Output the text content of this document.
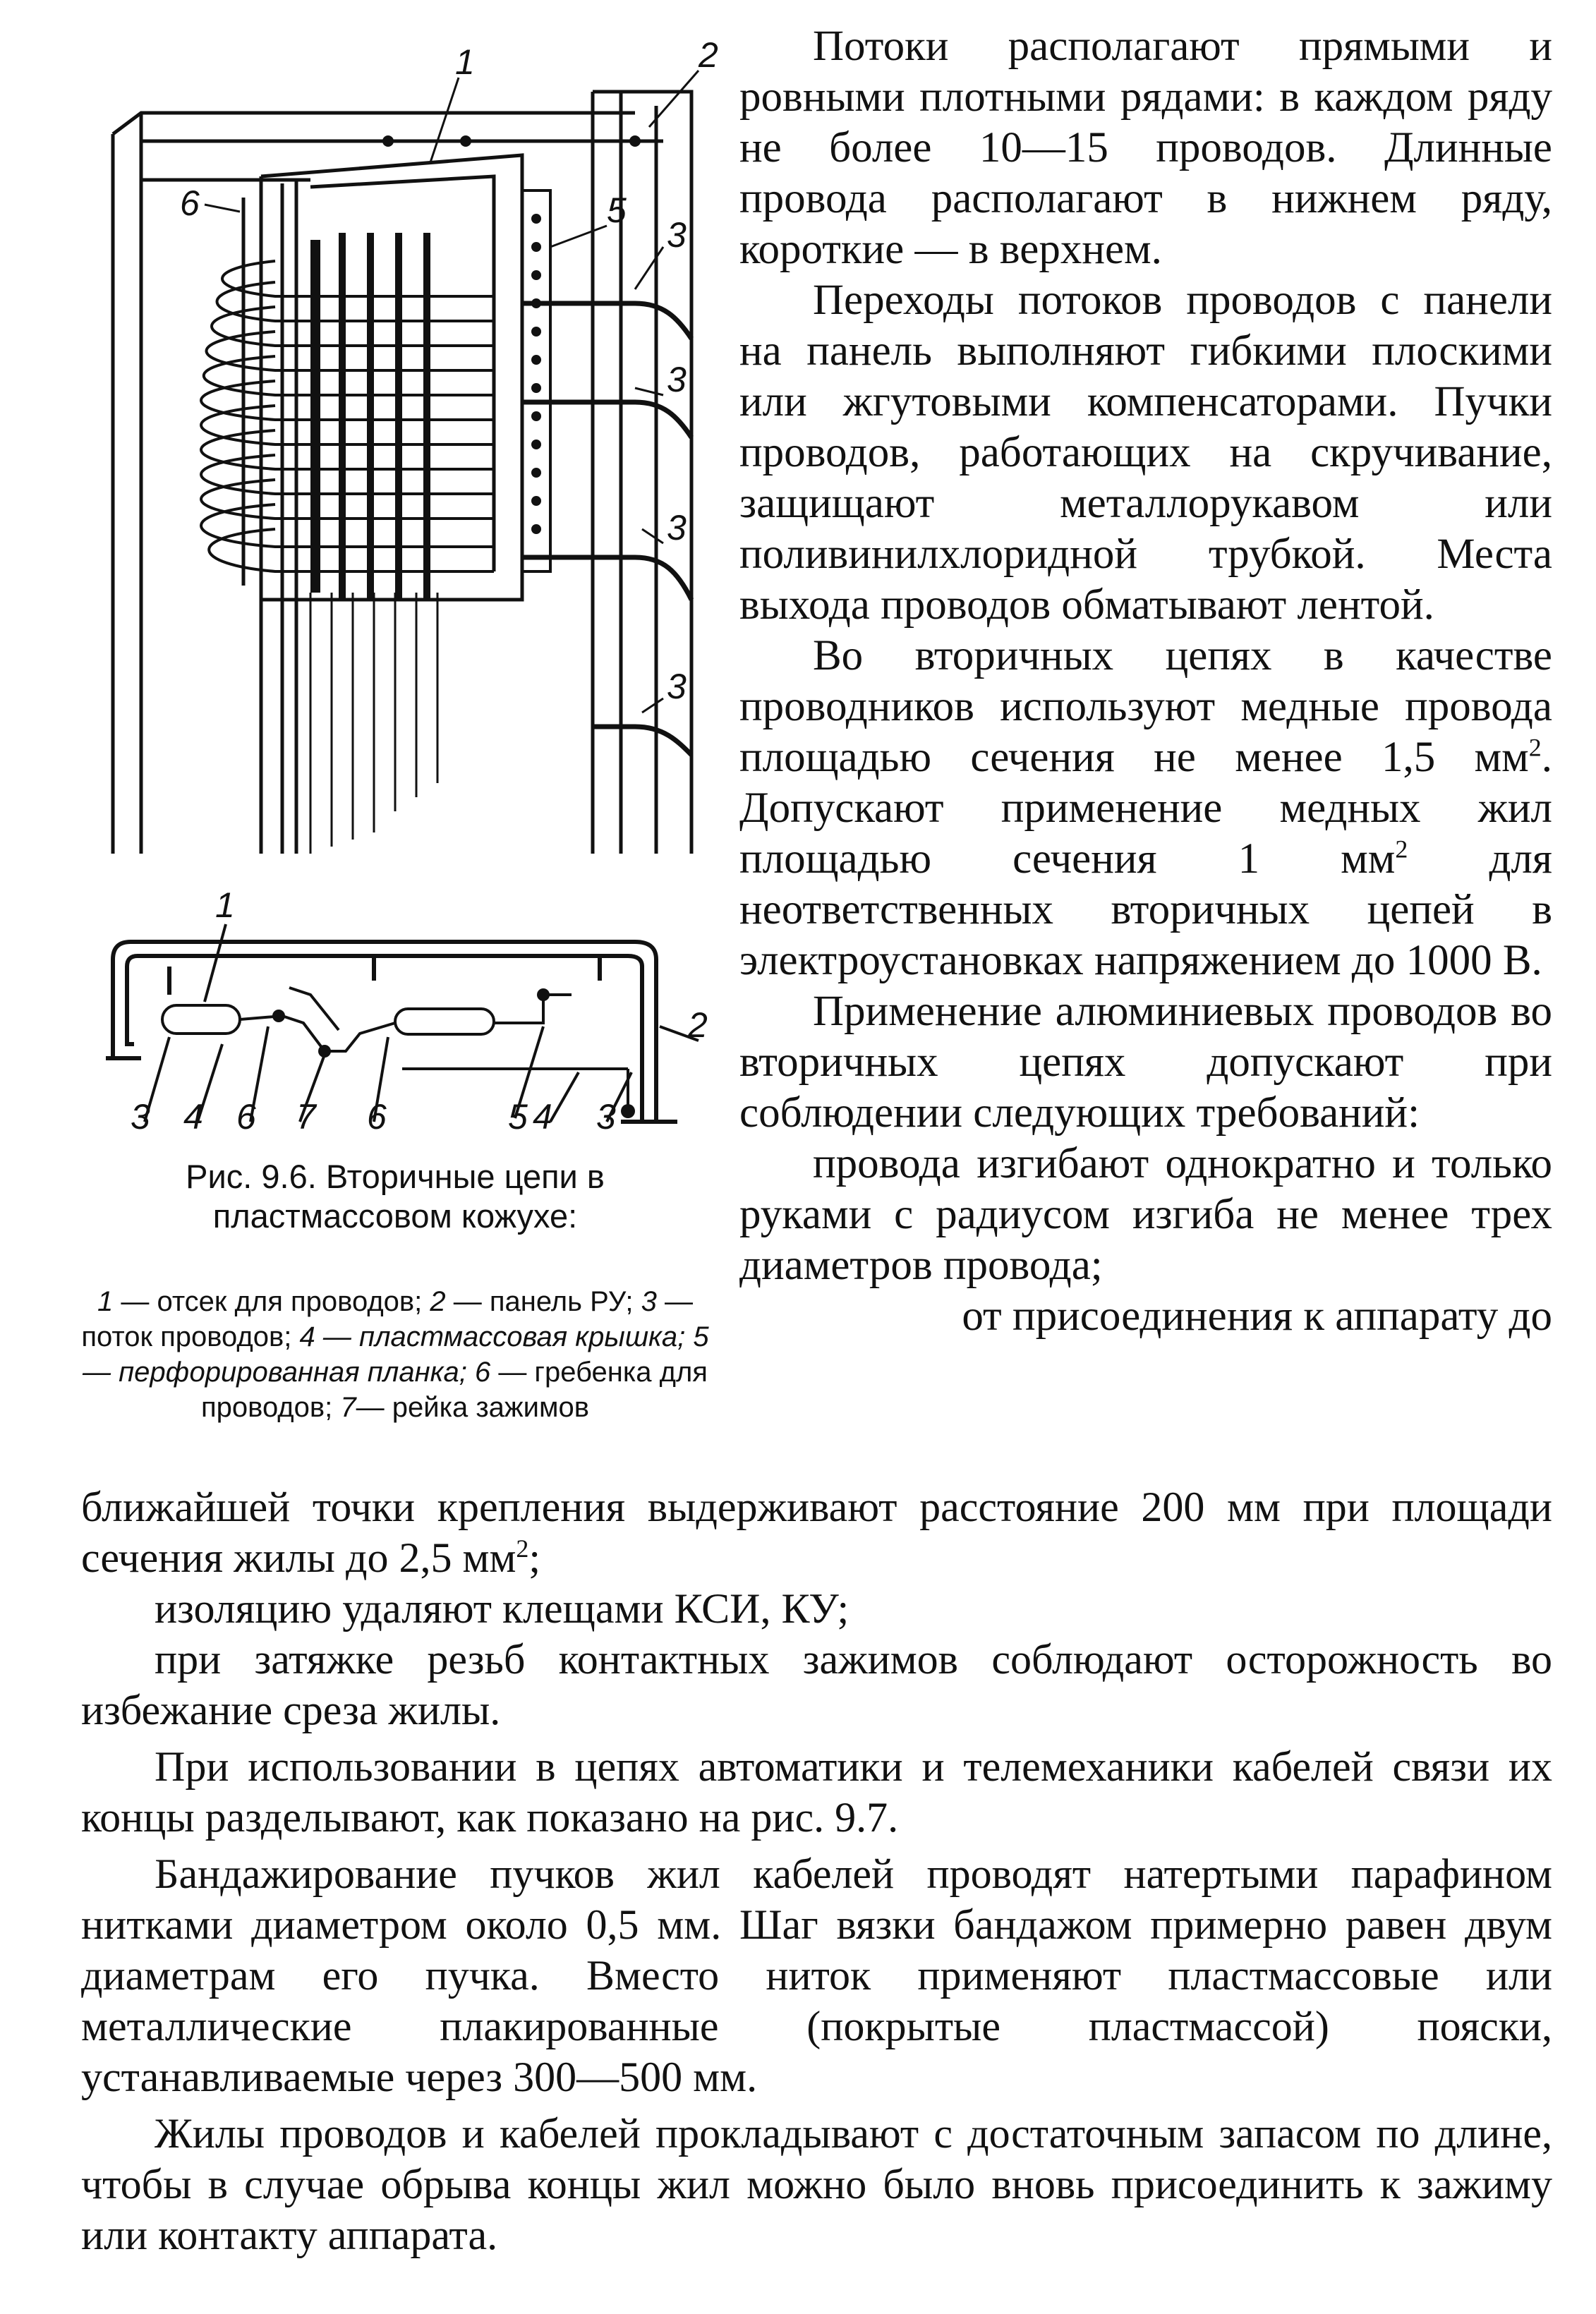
1	2
6	5
3
3
3
3
1
2
3 4 6 7 6	5 4 3
Рис. 9.6. Вторичные цепи в пластмассовом кожухе:
1 — отсек для проводов; 2 — панель РУ; 3 — поток проводов; 4 — пластмассовая крышка; 5 — перфорированная планка; 6 — гребенка для проводов; 7— рейка зажимов

Потоки располагают прямыми и ровными плотными рядами: в каждом ряду не более 10—15 проводов. Длинные провода располагают в нижнем ряду, короткие — в верхнем.

Переходы потоков проводов с панели на панель выполняют гибкими плоскими или жгутовыми компенсаторами. Пучки проводов, работающих на скручивание, защищают металлорукавом или поливинилхлоридной трубкой. Места выхода проводов обматывают лентой.

Во вторичных цепях в качестве проводников используют медные провода площадью сечения не менее 1,5 $мм^2$. Допускают применение медных жил площадью сечения 1 $мм^2$ для неответственных вторичных цепей в электроустановках напряжением до 1000 В.

Применение алюминиевых проводов во вторичных цепях допускают при соблюдении следующих требований:

провода изгибают однократно и только руками с радиусом изгиба не менее трех диаметров провода;

от присоединения к аппарату до

ближайшей точки крепления выдерживают расстояние 200 мм при площади сечения жилы до 2,5 $мм^2$;

изоляцию удаляют клещами КСИ, КУ;

при затяжке резьб контактных зажимов соблюдают осторожность во избежание среза жилы.

При использовании в цепях автоматики и телемеханики кабелей связи их концы разделывают, как показано на рис. 9.7.

Бандажирование пучков жил кабелей проводят натертыми парафином нитками диаметром около 0,5 мм. Шаг вязки бандажом примерно равен двум диаметрам его пучка. Вместо ниток применяют пластмассовые или металлические плакированные (покрытые пластмассой) пояски, устанавливаемые через 300—500 мм.

Жилы проводов и кабелей прокладывают с достаточным запасом по длине, чтобы в случае обрыва концы жил можно было вновь присоединить к зажиму или контакту аппарата.
